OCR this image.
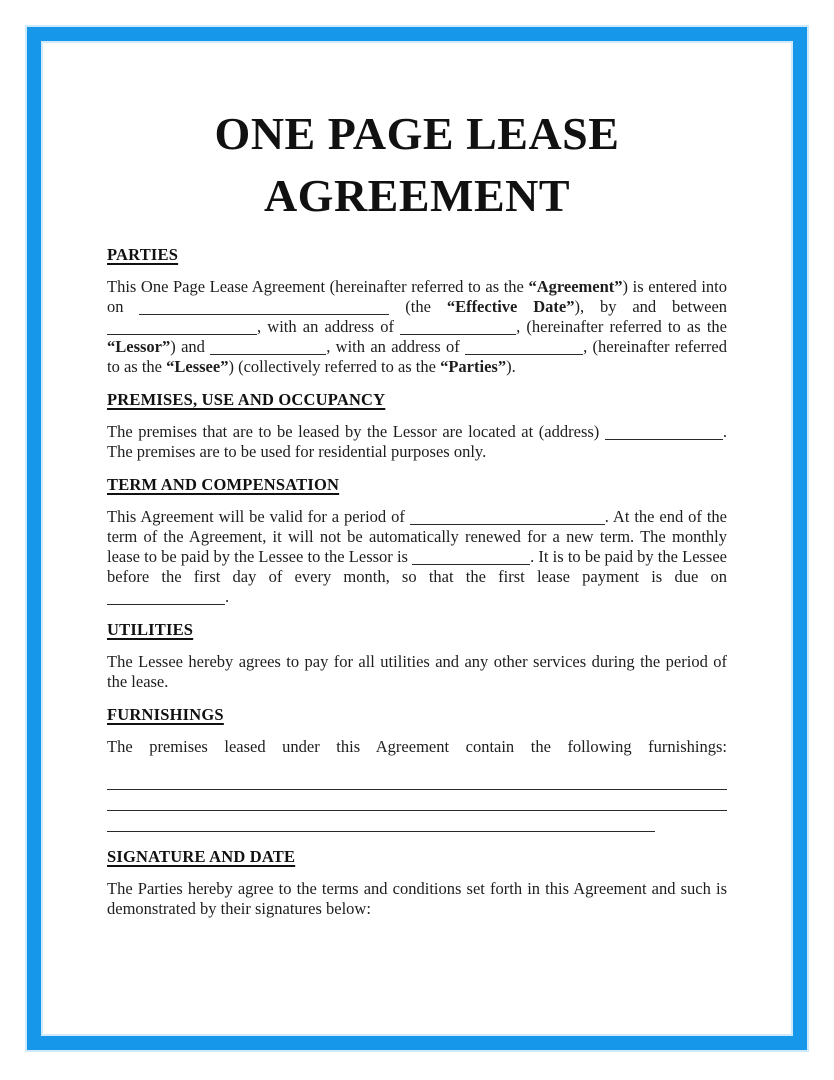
ONE PAGE LEASE
AGREEMENT
PARTIES

This One Page Lease Agreement (hereinafter referred to as the “Agreement”) is entered into on	(the “Effective Date”), by and between , with an address of	, (hereinafter referred to as the “Lessor”) and	, with an address of	, (hereinafter referred to as the “Lessee”) (collectively referred to as the “Parties”).

PREMISES, USE AND OCCUPANCY

The premises that are to be leased by the Lessor are located at (address)	. The premises are to be used for residential purposes only.

TERM AND COMPENSATION

This Agreement will be valid for a period of	. At the end of the term of the Agreement, it will not be automatically renewed for a new term. The monthly lease to be paid by the Lessee to the Lessor is	. It is to be paid by the Lessee before the first day of every month, so that the first lease payment is due on .

UTILITIES

The Lessee hereby agrees to pay for all utilities and any other services during the period of the lease.

FURNISHINGS

The premises leased under this Agreement contain the following furnishings:

SIGNATURE AND DATE

The Parties hereby agree to the terms and conditions set forth in this Agreement and such is demonstrated by their signatures below:
